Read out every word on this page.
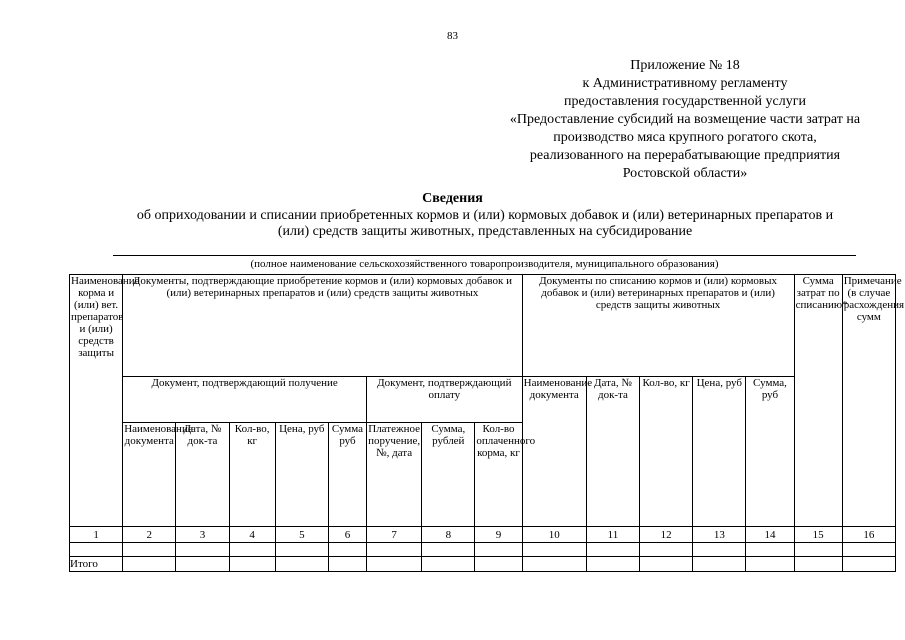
83
Приложение № 18
к Административному регламенту
предоставления государственной услуги
«Предоставление субсидий на возмещение части затрат на
производство мяса крупного рогатого скота,
реализованного на перерабатывающие предприятия
Ростовской области»
Сведения
об оприходовании и списании приобретенных кормов и (или) кормовых добавок и (или) ветеринарных препаратов и
(или) средств защиты животных, представленных на субсидирование
(полное наименование сельскохозяйственного товаропроизводителя, муниципального образования)
Наименование корма и (или) вет. препаратов и (или) средств защиты	Документы, подтверждающие приобретение кормов и (или) кормовых добавок и (или) ветеринарных препаратов и (или) средств защиты животных								Документы по списанию кормов и (или) кормовых добавок и (или) ветеринарных препаратов и (или) средств защиты животных					Сумма затрат по списанию*	Примечание (в случае расхождения сумм
	Документ, подтверждающий получение					Документ, подтверждающий оплату			Наименование документа	Дата, № док-та	Кол-во, кг	Цена, руб	Сумма, руб		
	Наименование документа	Дата, № док-та	Кол-во, кг	Цена, руб	Сумма руб	Платежное поручение, №, дата	Сумма, рублей	Кол-во оплаченного корма, кг							
1	2	3	4	5	6	7	8	9	10	11	12	13	14	15	16

Итого															
